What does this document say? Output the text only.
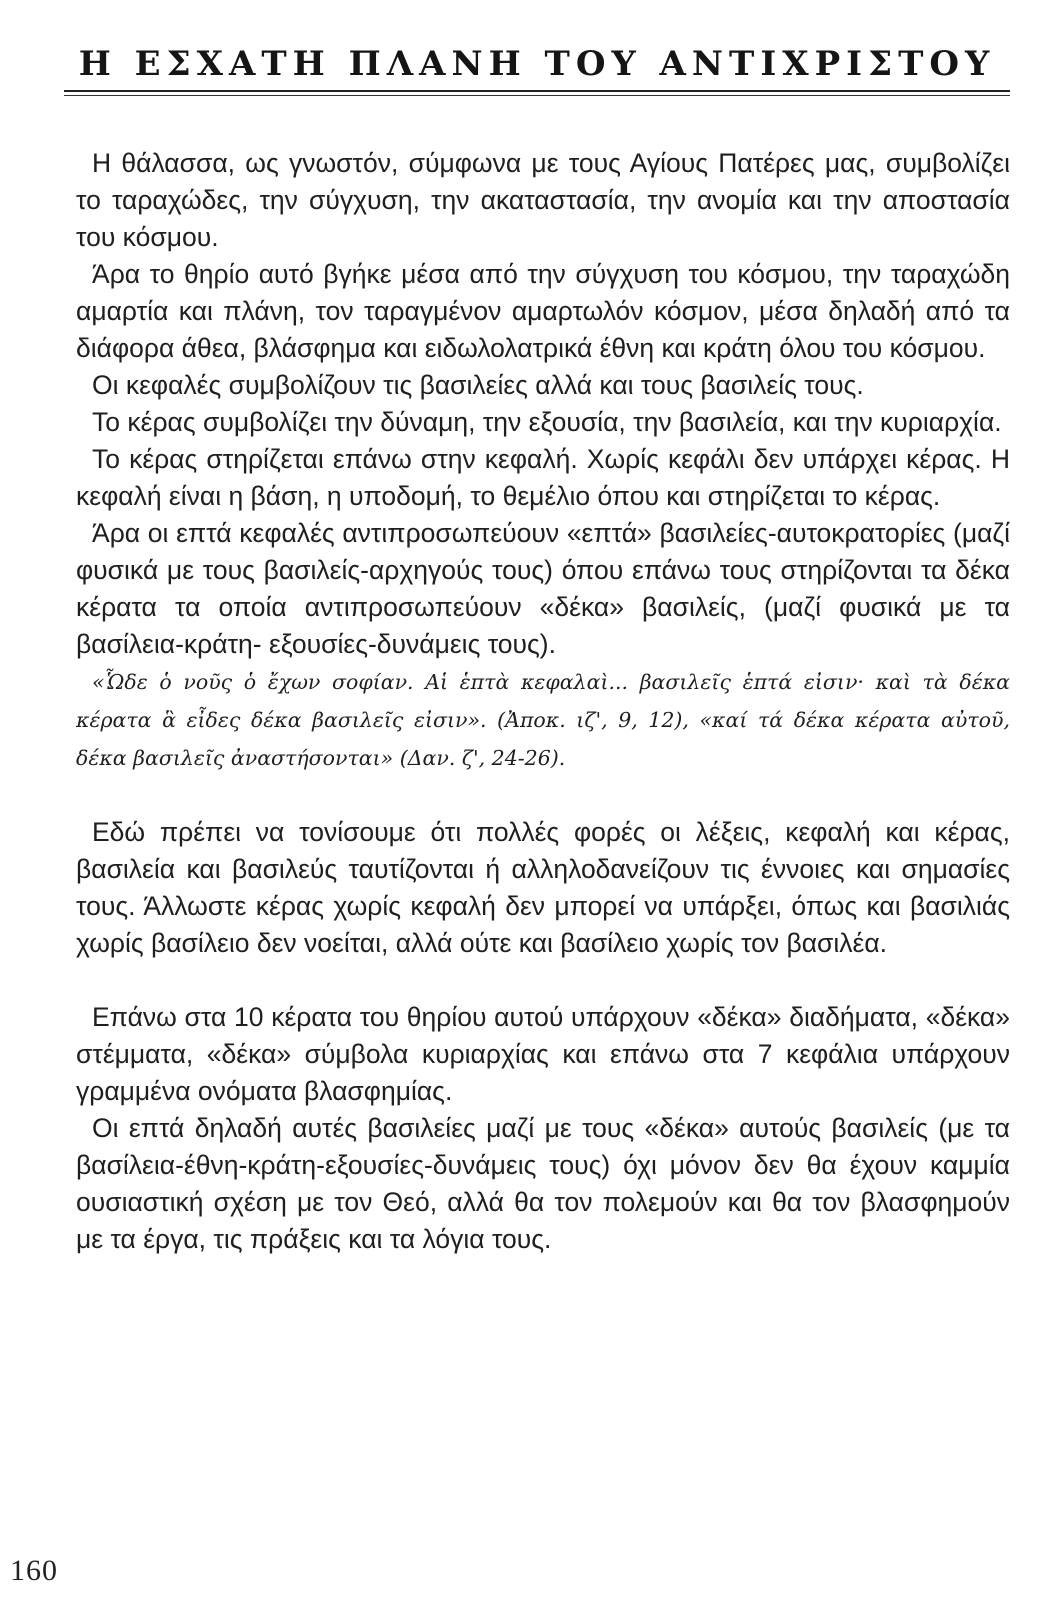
Η ΕΣΧΑΤΗ ΠΛΑΝΗ ΤΟΥ ΑΝΤΙΧΡΙΣΤΟΥ

Η θάλασσα, ως γνωστόν, σύμφωνα με τους Αγίους Πατέρες μας, συμβολίζει το ταραχώδες, την σύγχυση, την ακαταστασία, την ανομία και την αποστασία του κόσμου.

Άρα το θηρίο αυτό βγήκε μέσα από την σύγχυση του κόσμου, την ταραχώδη αμαρτία και πλάνη, τον ταραγμένον αμαρτωλόν κόσμον, μέσα δηλαδή από τα διάφορα άθεα, βλάσφημα και ειδωλολατρικά έθνη και κράτη όλου του κόσμου.

Οι κεφαλές συμβολίζουν τις βασιλείες αλλά και τους βασιλείς τους.

Το κέρας συμβολίζει την δύναμη, την εξουσία, την βασιλεία, και την κυριαρχία.

Το κέρας στηρίζεται επάνω στην κεφαλή. Χωρίς κεφάλι δεν υπάρχει κέρας. Η κεφαλή είναι η βάση, η υποδομή, το θεμέλιο όπου και στηρίζεται το κέρας.

Άρα οι επτά κεφαλές αντιπροσωπεύουν «επτά» βασιλείες-αυτοκρατορίες (μαζί φυσικά με τους βασιλείς-αρχηγούς τους) όπου επάνω τους στηρίζονται τα δέκα κέρατα τα οποία αντιπροσωπεύουν «δέκα» βασιλείς, (μαζί φυσικά με τα βασίλεια-κράτη- εξουσίες-δυνάμεις τους).

«Ὧδε ὁ νοῦς ὁ ἔχων σοφίαν. Αἱ ἑπτὰ κεφαλαὶ... βασιλεῖς ἑπτά εἰσιν· καὶ τὰ δέκα κέρατα ἃ εἶδες δέκα βασιλεῖς εἰσιν». (Ἀποκ. ιζ', 9, 12), «καί τά δέκα κέρατα αὐτοῦ, δέκα βασιλεῖς ἀναστήσονται» (Δαν. ζ', 24-26).

Εδώ πρέπει να τονίσουμε ότι πολλές φορές οι λέξεις, κεφαλή και κέρας, βασιλεία και βασιλεύς ταυτίζονται ή αλληλοδανείζουν τις έννοιες και σημασίες τους. Άλλωστε κέρας χωρίς κεφαλή δεν μπορεί να υπάρξει, όπως και βασιλιάς χωρίς βασίλειο δεν νοείται, αλλά ούτε και βασίλειο χωρίς τον βασιλέα.

Επάνω στα 10 κέρατα του θηρίου αυτού υπάρχουν «δέκα» διαδήματα, «δέκα» στέμματα, «δέκα» σύμβολα κυριαρχίας και επάνω στα 7 κεφάλια υπάρχουν γραμμένα ονόματα βλασφημίας.

Οι επτά δηλαδή αυτές βασιλείες μαζί με τους «δέκα» αυτούς βασιλείς (με τα βασίλεια-έθνη-κράτη-εξουσίες-δυνάμεις τους) όχι μόνον δεν θα έχουν καμμία ουσιαστική σχέση με τον Θεό, αλλά θα τον πολεμούν και θα τον βλασφημούν με τα έργα, τις πράξεις και τα λόγια τους.

160
